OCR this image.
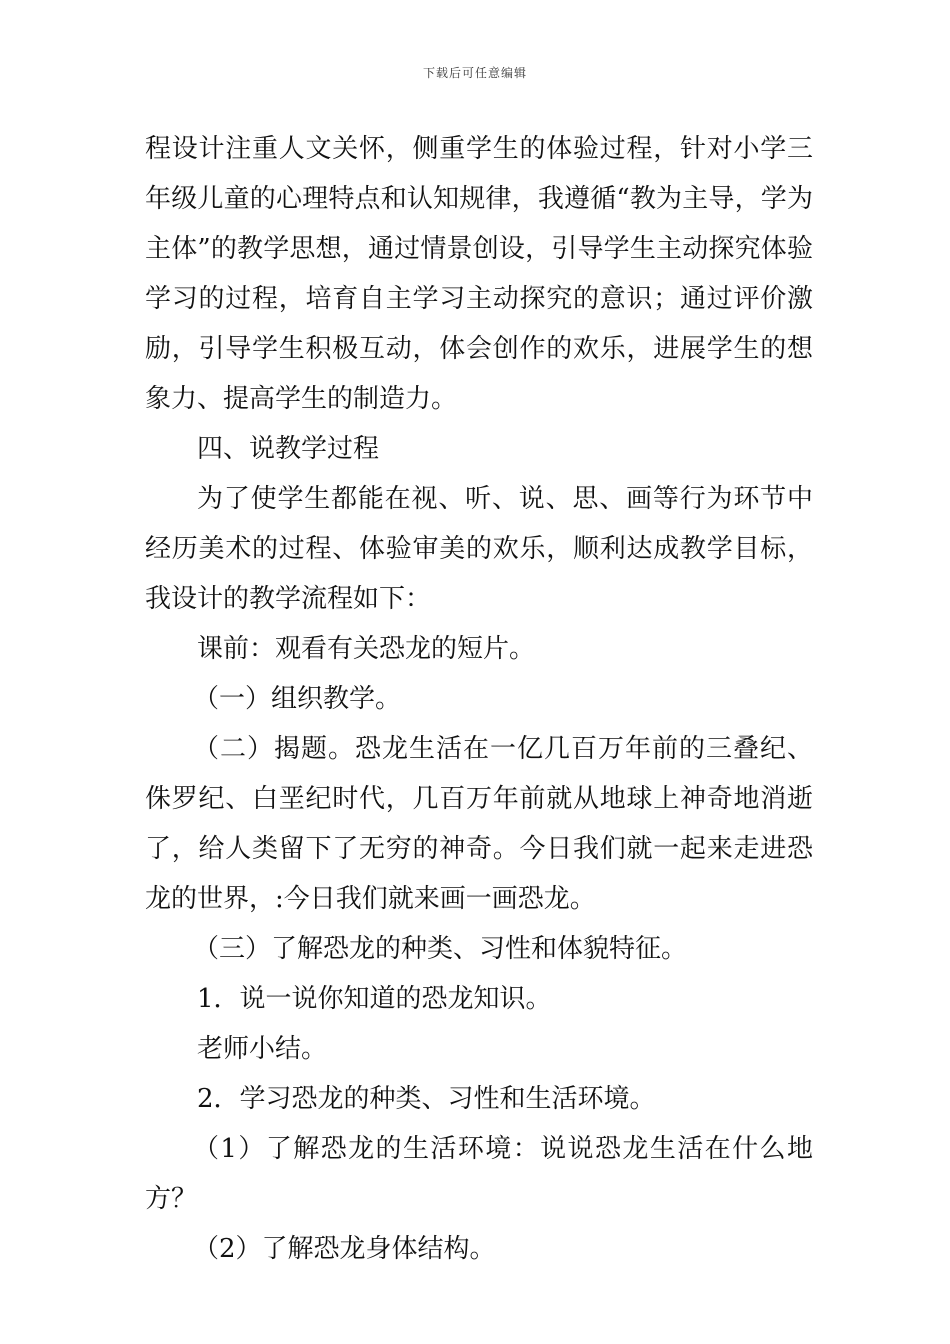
下载后可任意编辑

程设计注重人文关怀，侧重学生的体验过程，针对小学三年级儿童的心理特点和认知规律，我遵循“教为主导，学为主体”的教学思想，通过情景创设，引导学生主动探究体验学习的过程，培育自主学习主动探究的意识；通过评价激励，引导学生积极互动，体会创作的欢乐，进展学生的想象力、提高学生的制造力。

四、说教学过程

为了使学生都能在视、听、说、思、画等行为环节中经历美术的过程、体验审美的欢乐，顺利达成教学目标，我设计的教学流程如下：

课前：观看有关恐龙的短片。

（一）组织教学。

（二）揭题。恐龙生活在一亿几百万年前的三叠纪、侏罗纪、白垩纪时代，几百万年前就从地球上神奇地消逝了，给人类留下了无穷的神奇。今日我们就一起来走进恐龙的世界，:今日我们就来画一画恐龙。

（三）了解恐龙的种类、习性和体貌特征。

1．说一说你知道的恐龙知识。

老师小结。

2．学习恐龙的种类、习性和生活环境。

（1）了解恐龙的生活环境：说说恐龙生活在什么地方？

（2）了解恐龙身体结构。
